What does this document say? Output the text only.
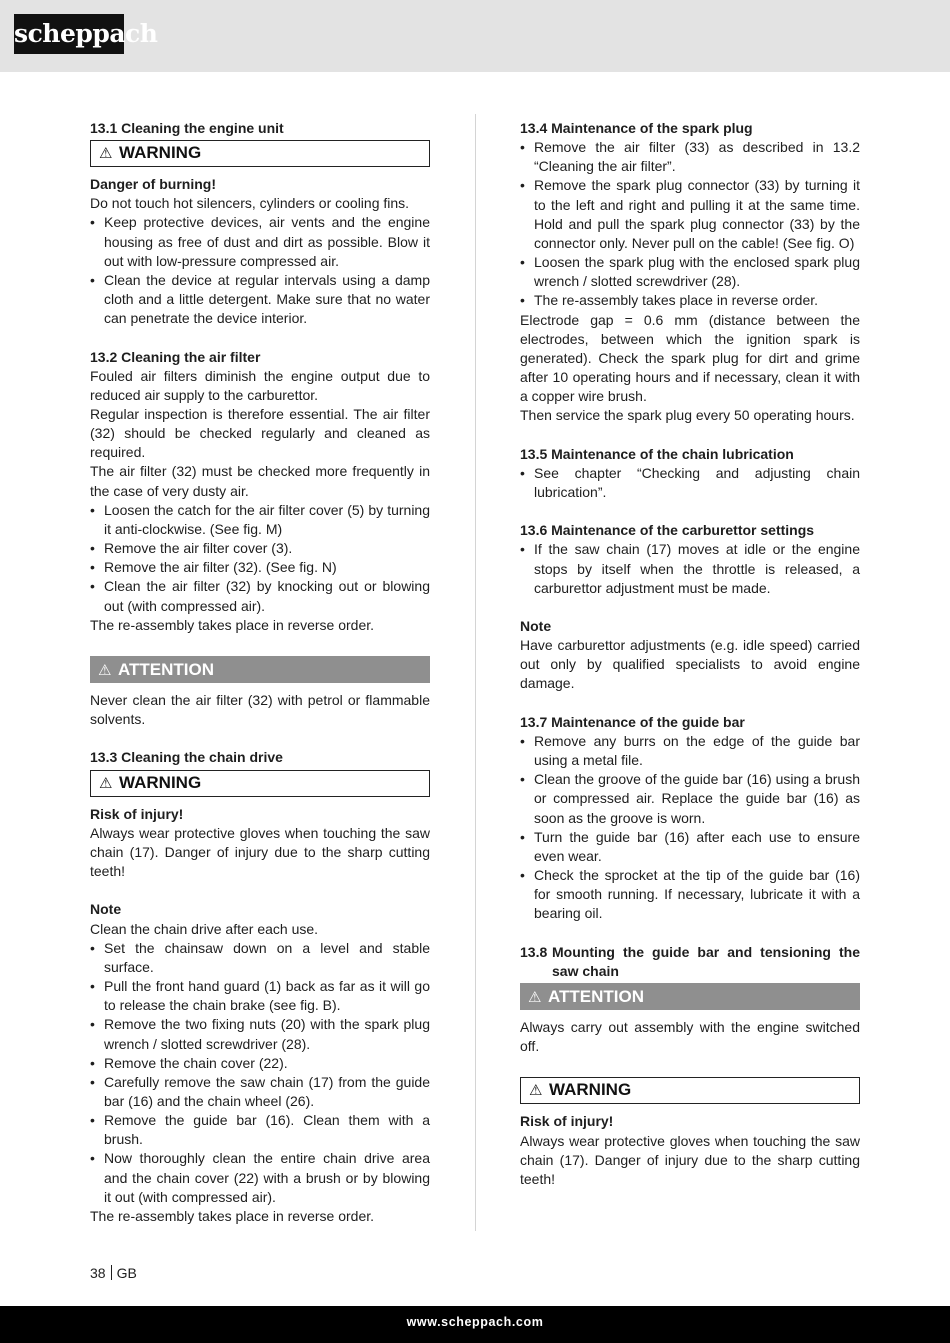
scheppach
13.1 Cleaning the engine unit
⚠ WARNING
Danger of burning!
Do not touch hot silencers, cylinders or cooling fins.
• Keep protective devices, air vents and the engine housing as free of dust and dirt as possible. Blow it out with low-pressure compressed air.
• Clean the device at regular intervals using a damp cloth and a little detergent. Make sure that no water can penetrate the device interior.
13.2 Cleaning the air filter
Fouled air filters diminish the engine output due to reduced air supply to the carburettor.
Regular inspection is therefore essential. The air filter (32) should be checked regularly and cleaned as required.
The air filter (32) must be checked more frequently in the case of very dusty air.
• Loosen the catch for the air filter cover (5) by turning it anti-clockwise. (See fig. M)
• Remove the air filter cover (3).
• Remove the air filter (32). (See fig. N)
• Clean the air filter (32) by knocking out or blowing out (with compressed air).
The re-assembly takes place in reverse order.
⚠ ATTENTION
Never clean the air filter (32) with petrol or flammable solvents.
13.3 Cleaning the chain drive
⚠ WARNING
Risk of injury!
Always wear protective gloves when touching the saw chain (17). Danger of injury due to the sharp cutting teeth!
Note
Clean the chain drive after each use.
• Set the chainsaw down on a level and stable surface.
• Pull the front hand guard (1) back as far as it will go to release the chain brake (see fig. B).
• Remove the two fixing nuts (20) with the spark plug wrench / slotted screwdriver (28).
• Remove the chain cover (22).
• Carefully remove the saw chain (17) from the guide bar (16) and the chain wheel (26).
• Remove the guide bar (16). Clean them with a brush.
• Now thoroughly clean the entire chain drive area and the chain cover (22) with a brush or by blowing it out (with compressed air).
The re-assembly takes place in reverse order.
13.4 Maintenance of the spark plug
• Remove the air filter (33) as described in 13.2 “Cleaning the air filter”.
• Remove the spark plug connector (33) by turning it to the left and right and pulling it at the same time. Hold and pull the spark plug connector (33) by the connector only. Never pull on the cable! (See fig. O)
• Loosen the spark plug with the enclosed spark plug wrench / slotted screwdriver (28).
• The re-assembly takes place in reverse order.
Electrode gap = 0.6 mm (distance between the electrodes, between which the ignition spark is generated). Check the spark plug for dirt and grime after 10 operating hours and if necessary, clean it with a copper wire brush.
Then service the spark plug every 50 operating hours.
13.5 Maintenance of the chain lubrication
• See chapter “Checking and adjusting chain lubrication”.
13.6 Maintenance of the carburettor settings
• If the saw chain (17) moves at idle or the engine stops by itself when the throttle is released, a carburettor adjustment must be made.
Note
Have carburettor adjustments (e.g. idle speed) carried out only by qualified specialists to avoid engine damage.
13.7 Maintenance of the guide bar
• Remove any burrs on the edge of the guide bar using a metal file.
• Clean the groove of the guide bar (16) using a brush or compressed air. Replace the guide bar (16) as soon as the groove is worn.
• Turn the guide bar (16) after each use to ensure even wear.
• Check the sprocket at the tip of the guide bar (16) for smooth running. If necessary, lubricate it with a bearing oil.
13.8 Mounting the guide bar and tensioning the saw chain
⚠ ATTENTION
Always carry out assembly with the engine switched off.
⚠ WARNING
Risk of injury!
Always wear protective gloves when touching the saw chain (17). Danger of injury due to the sharp cutting teeth!
38 GB
www.scheppach.com
